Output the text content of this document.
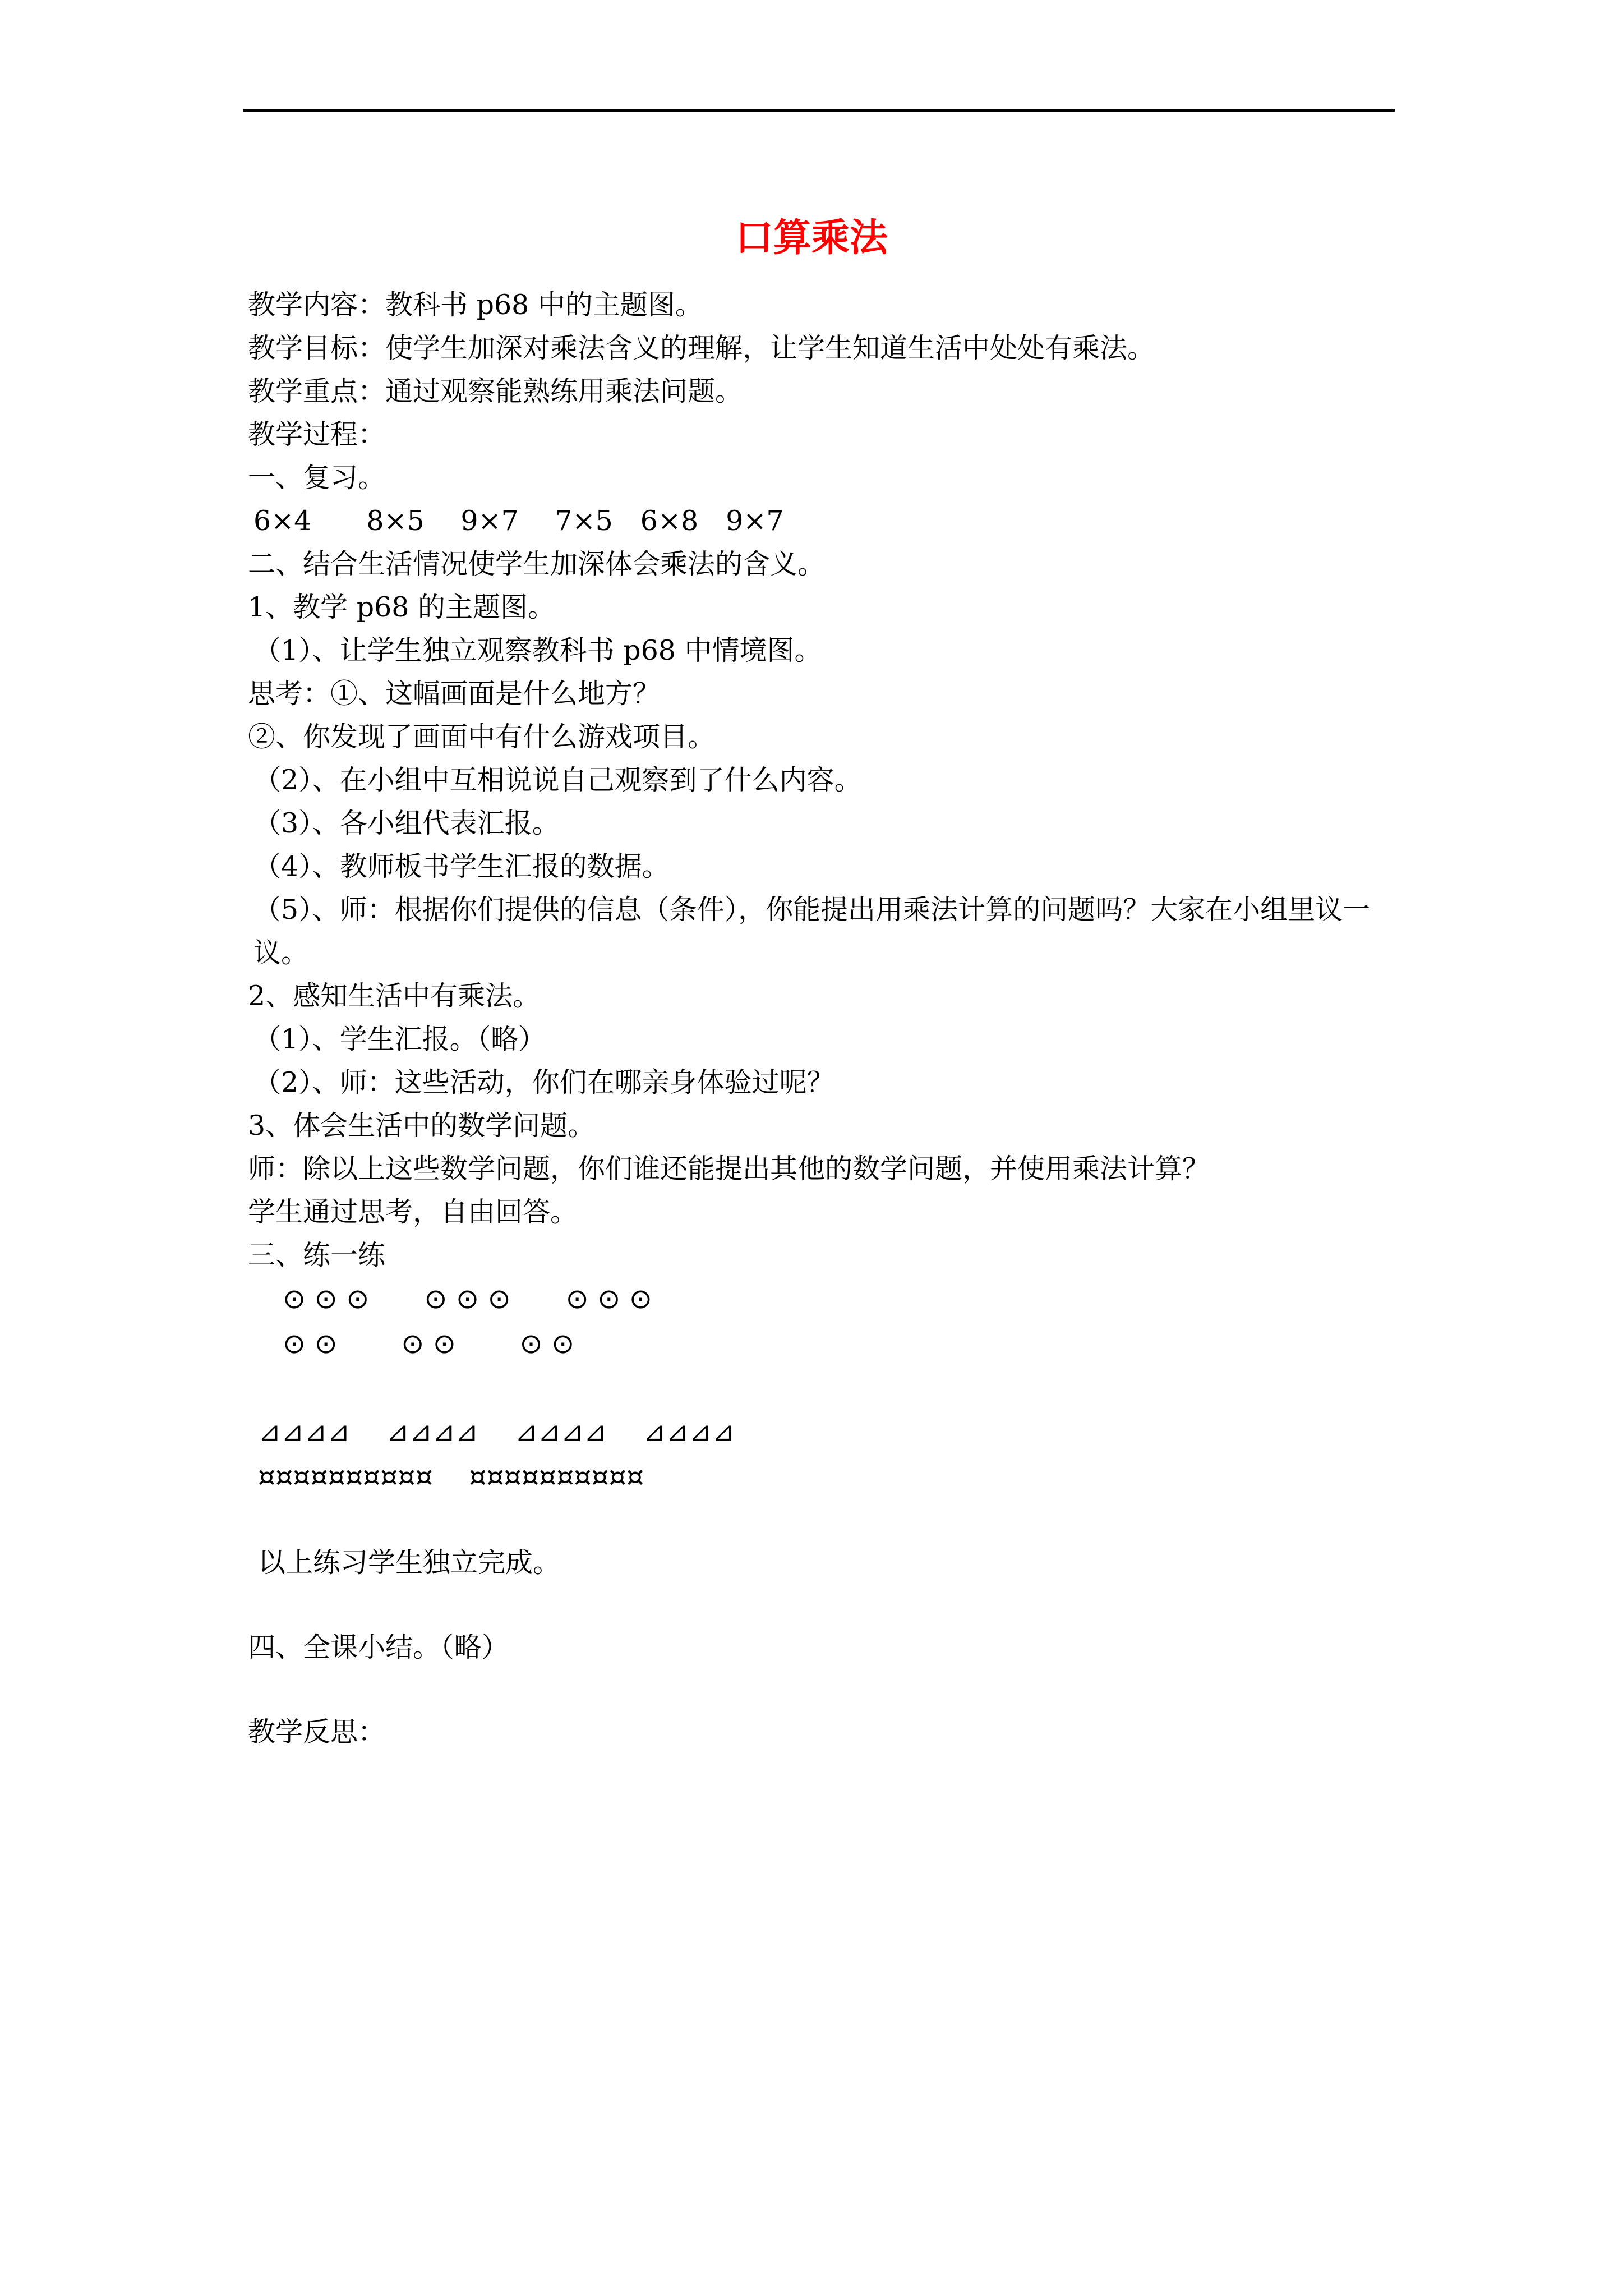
口算乘法
教学内容：教科书 p68 中的主题图。
教学目标：使学生加深对乘法含义的理解，让学生知道生活中处处有乘法。
教学重点：通过观察能熟练用乘法问题。
教学过程：
一、复习。
6×4　　8×5　 9×7　 7×5　6×8　9×7
二、结合生活情况使学生加深体会乘法的含义。
1、教学 p68 的主题图。
（1）、让学生独立观察教科书 p68 中情境图。
思考：①、这幅画面是什么地方？
②、你发现了画面中有什么游戏项目。
（2）、在小组中互相说说自己观察到了什么内容。
（3）、各小组代表汇报。
（4）、教师板书学生汇报的数据。
（5）、师：根据你们提供的信息（条件），你能提出用乘法计算的问题吗？大家在小组里议一议。
2、感知生活中有乘法。
（1）、学生汇报。（略）
（2）、师：这些活动，你们在哪亲身体验过呢？
3、体会生活中的数学问题。
师：除以上这些数学问题，你们谁还能提出其他的数学问题，并使用乘法计算？
学生通过思考，自由回答。
三、练一练
⊙ ⊙ ⊙　　⊙ ⊙ ⊙　　⊙ ⊙ ⊙
⊙ ⊙　　 ⊙ ⊙　　 ⊙ ⊙
⊿⊿⊿⊿　 ⊿⊿⊿⊿　 ⊿⊿⊿⊿　 ⊿⊿⊿⊿
¤¤¤¤¤¤¤¤¤¤　 ¤¤¤¤¤¤¤¤¤¤
以上练习学生独立完成。
四、全课小结。（略）
教学反思：
